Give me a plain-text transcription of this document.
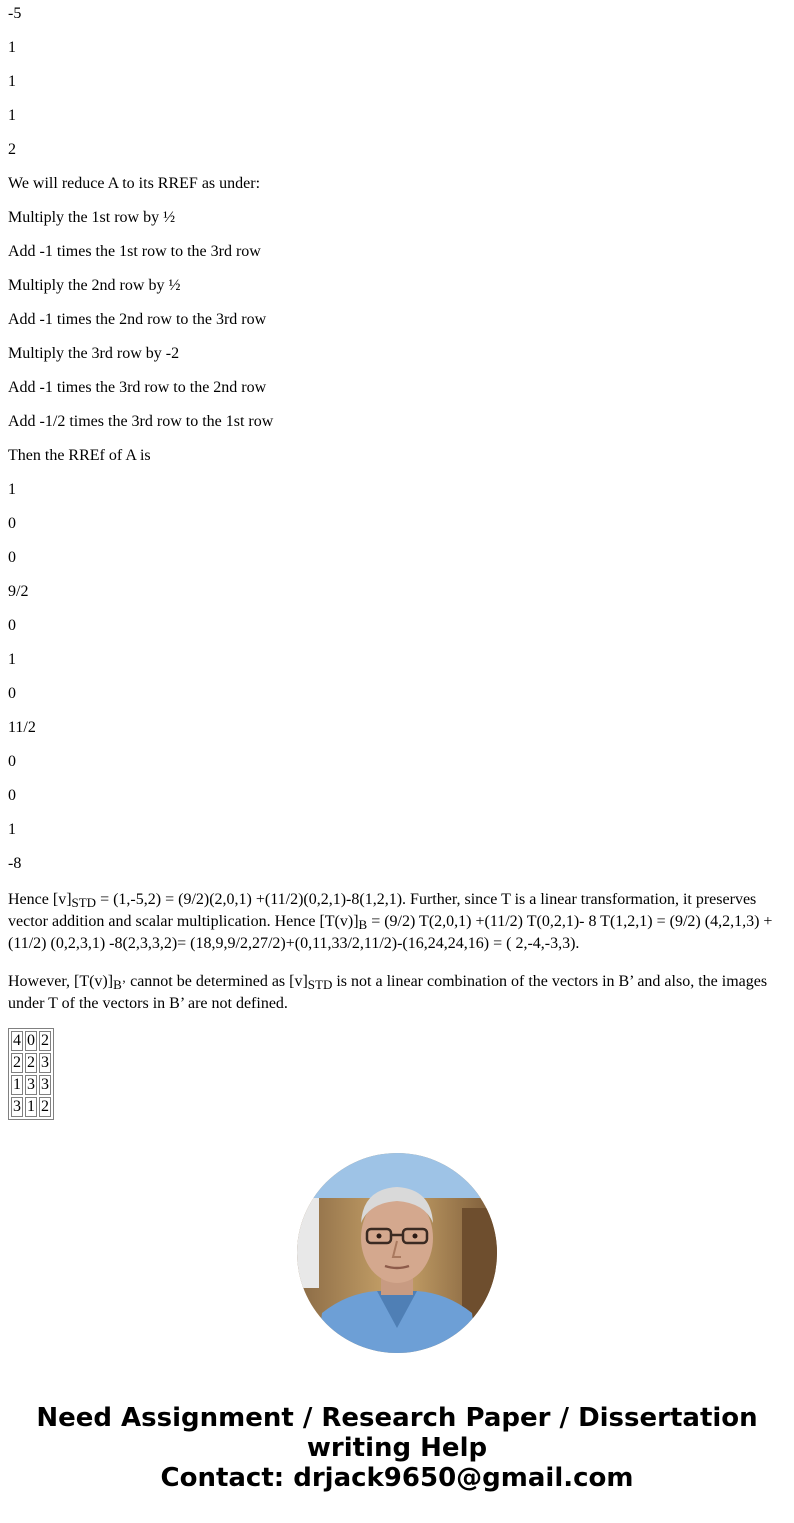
-5

1

1

1

2

We will reduce A to its RREF as under:

Multiply the 1st row by ½

Add -1 times the 1st row to the 3rd row

Multiply the 2nd row by ½

Add -1 times the 2nd row to the 3rd row

Multiply the 3rd row by -2

Add -1 times the 3rd row to the 2nd row

Add -1/2 times the 3rd row to the 1st row

Then the RREf of A is

1

0

0

9/2

0

1

0

11/2

0

0

1

-8

Hence $[v]_{STD} = (1,-5,2) = (9/2)(2,0,1) +(11/2)(0,2,1)-8(1,2,1)$. Further, since T is a linear transformation, it preserves vector addition and scalar multiplication. Hence $[T(v)]_B = (9/2)$ T(2,0,1) +(11/2) T(0,2,1)- 8 T(1,2,1) = (9/2) (4,2,1,3) +(11/2) (0,2,3,1) -8(2,3,3,2)= (18,9,9/2,27/2)+(0,11,33/2,11/2)-(16,24,24,16) = ( 2,-4,-3,3).

However, $[T(v)]_{B’}$ cannot be determined as $[v]_{STD}$ is not a linear combination of the vectors in B’ and also, the images under T of the vectors in B’ are not defined.

4	0	2
2	2	3
1	3	3
3	1	2
Need Assignment / Research Paper / Dissertation
writing Help
Contact: drjack9650@gmail.com
